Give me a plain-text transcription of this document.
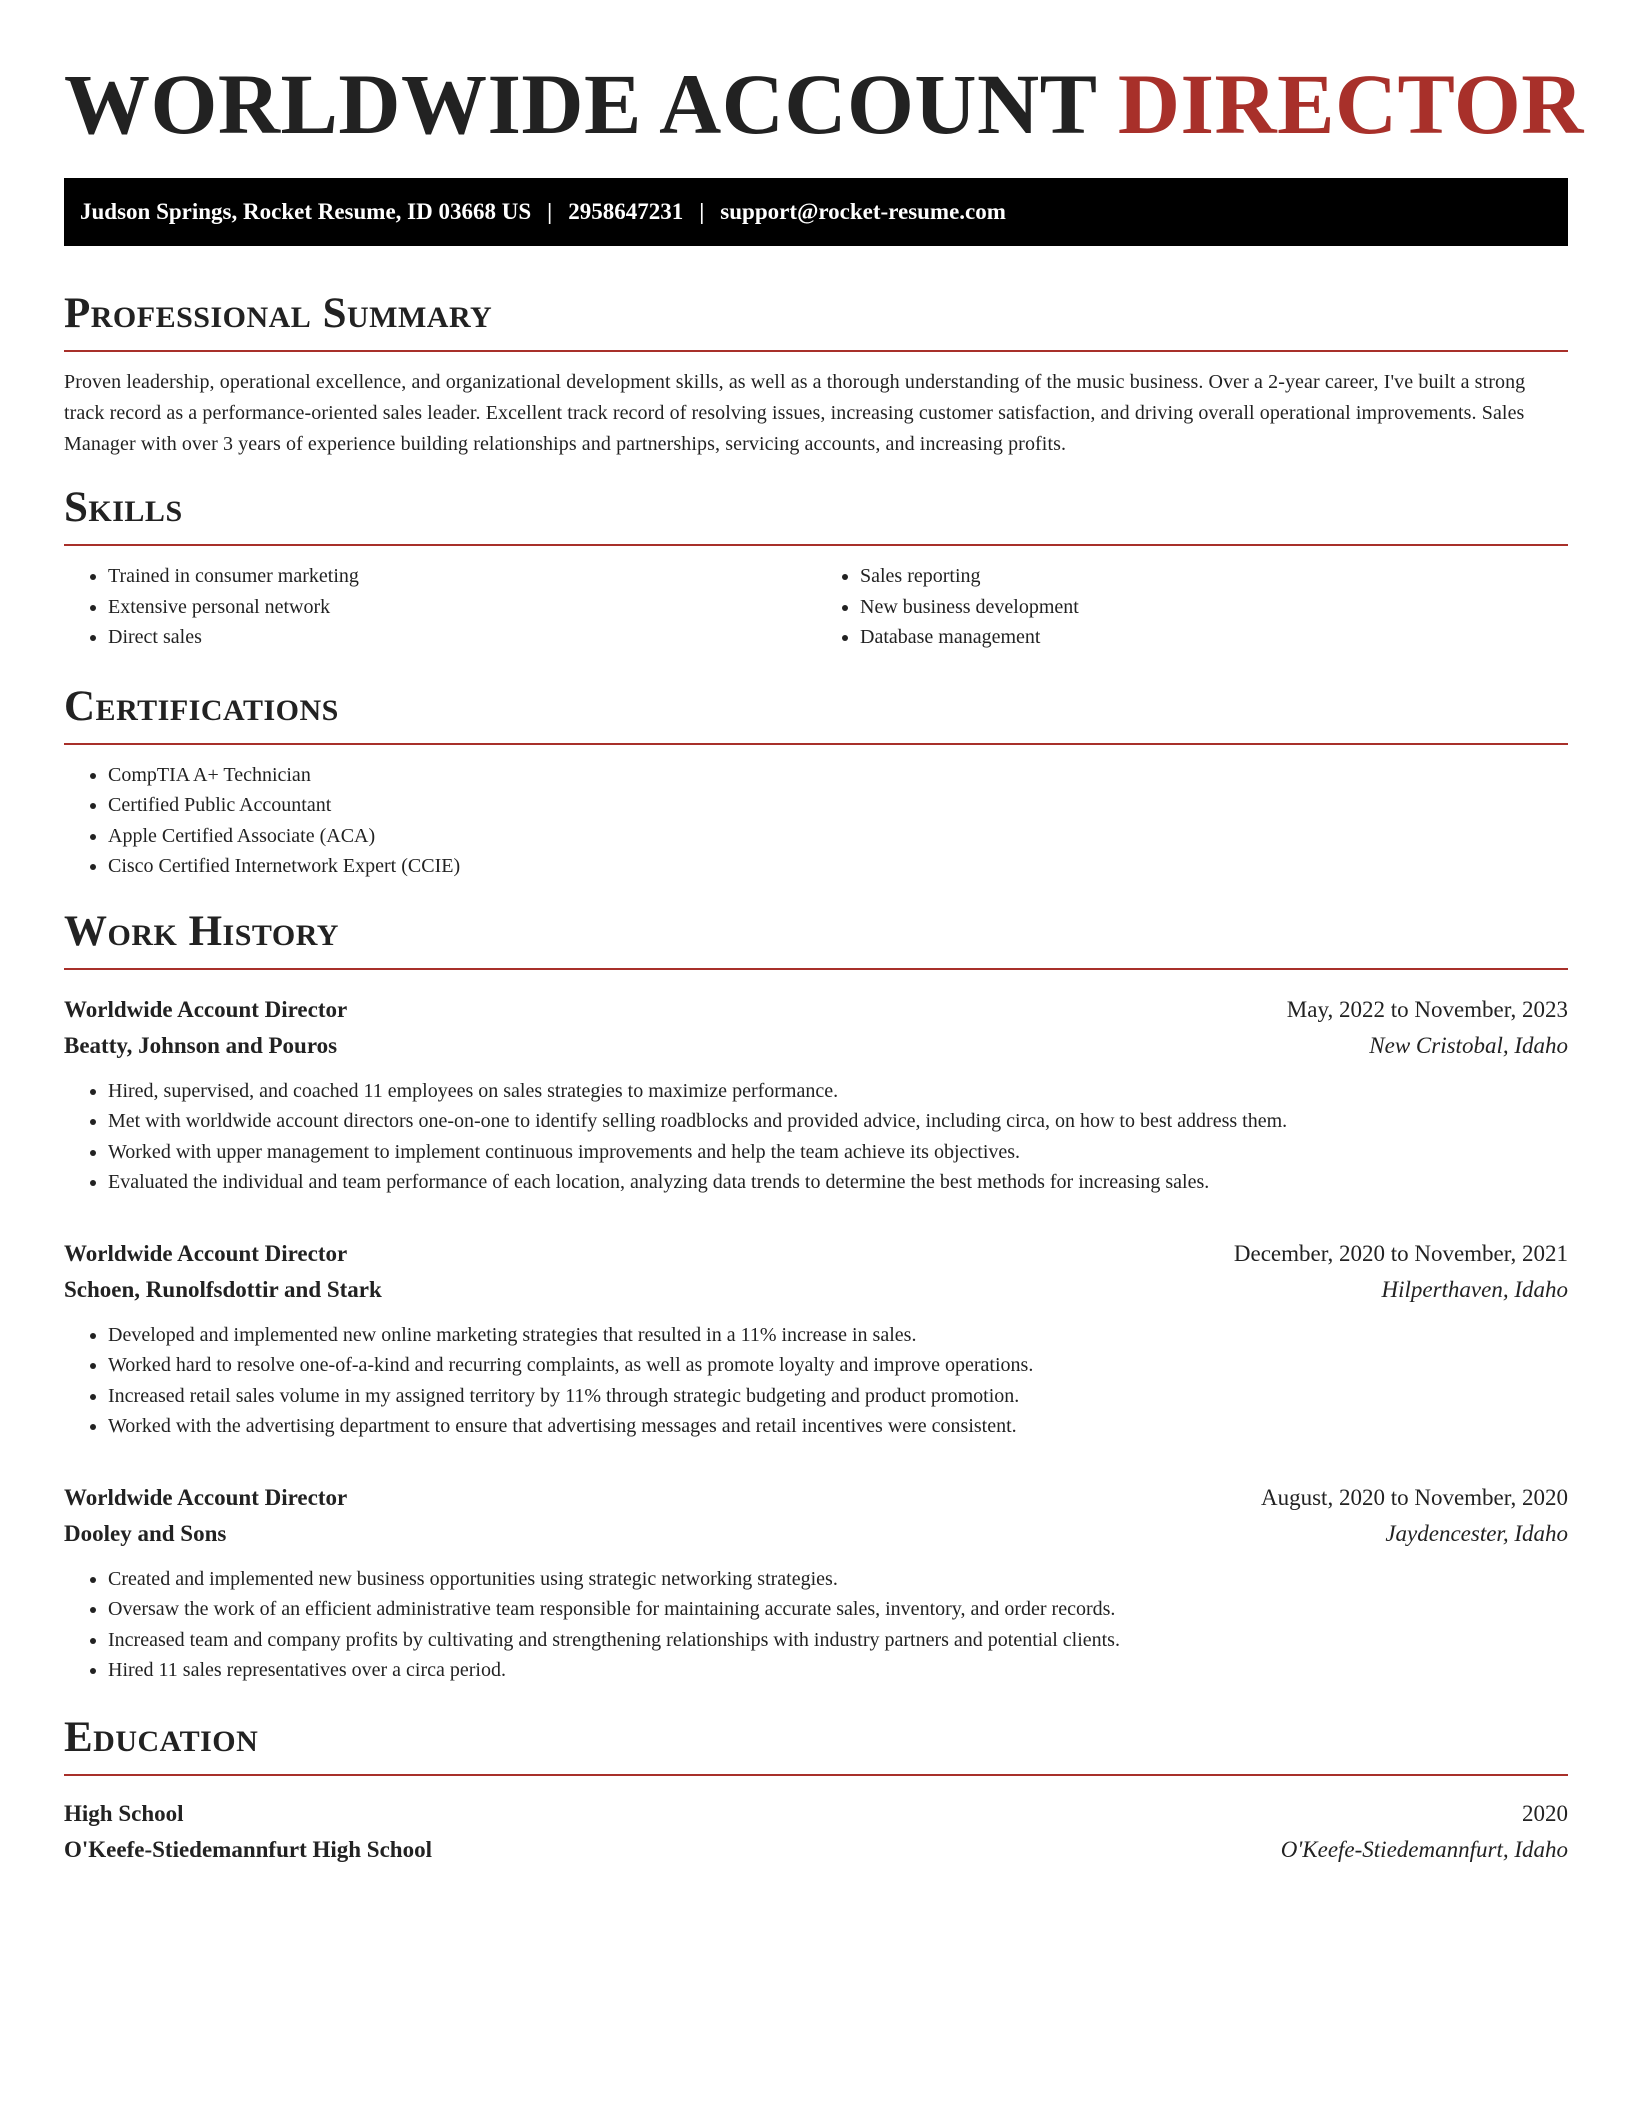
WORLDWIDE ACCOUNT DIRECTOR
Judson Springs, Rocket Resume, ID 03668 US | 2958647231 | support@rocket-resume.com
Professional Summary

Proven leadership, operational excellence, and organizational development skills, as well as a thorough understanding of the music business. Over a 2-year career, I've built a strong track record as a performance-oriented sales leader. Excellent track record of resolving issues, increasing customer satisfaction, and driving overall operational improvements. Sales Manager with over 3 years of experience building relationships and partnerships, servicing accounts, and increasing profits.

Skills
• Trained in consumer marketing
• Extensive personal network
• Direct sales
• Sales reporting
• New business development
• Database management
Certifications
• CompTIA A+ Technician
• Certified Public Accountant
• Apple Certified Associate (ACA)
• Cisco Certified Internetwork Expert (CCIE)
Work History
Worldwide Account Director	May, 2022 to November, 2023
Beatty, Johnson and Pouros	New Cristobal, Idaho
• Hired, supervised, and coached 11 employees on sales strategies to maximize performance.
• Met with worldwide account directors one-on-one to identify selling roadblocks and provided advice, including circa, on how to best address them.
• Worked with upper management to implement continuous improvements and help the team achieve its objectives.
• Evaluated the individual and team performance of each location, analyzing data trends to determine the best methods for increasing sales.
Worldwide Account Director	December, 2020 to November, 2021
Schoen, Runolfsdottir and Stark	Hilperthaven, Idaho
• Developed and implemented new online marketing strategies that resulted in a 11% increase in sales.
• Worked hard to resolve one-of-a-kind and recurring complaints, as well as promote loyalty and improve operations.
• Increased retail sales volume in my assigned territory by 11% through strategic budgeting and product promotion.
• Worked with the advertising department to ensure that advertising messages and retail incentives were consistent.
Worldwide Account Director	August, 2020 to November, 2020
Dooley and Sons	Jaydencester, Idaho
• Created and implemented new business opportunities using strategic networking strategies.
• Oversaw the work of an efficient administrative team responsible for maintaining accurate sales, inventory, and order records.
• Increased team and company profits by cultivating and strengthening relationships with industry partners and potential clients.
• Hired 11 sales representatives over a circa period.
Education
High School	2020
O'Keefe-Stiedemannfurt High School	O'Keefe-Stiedemannfurt, Idaho
